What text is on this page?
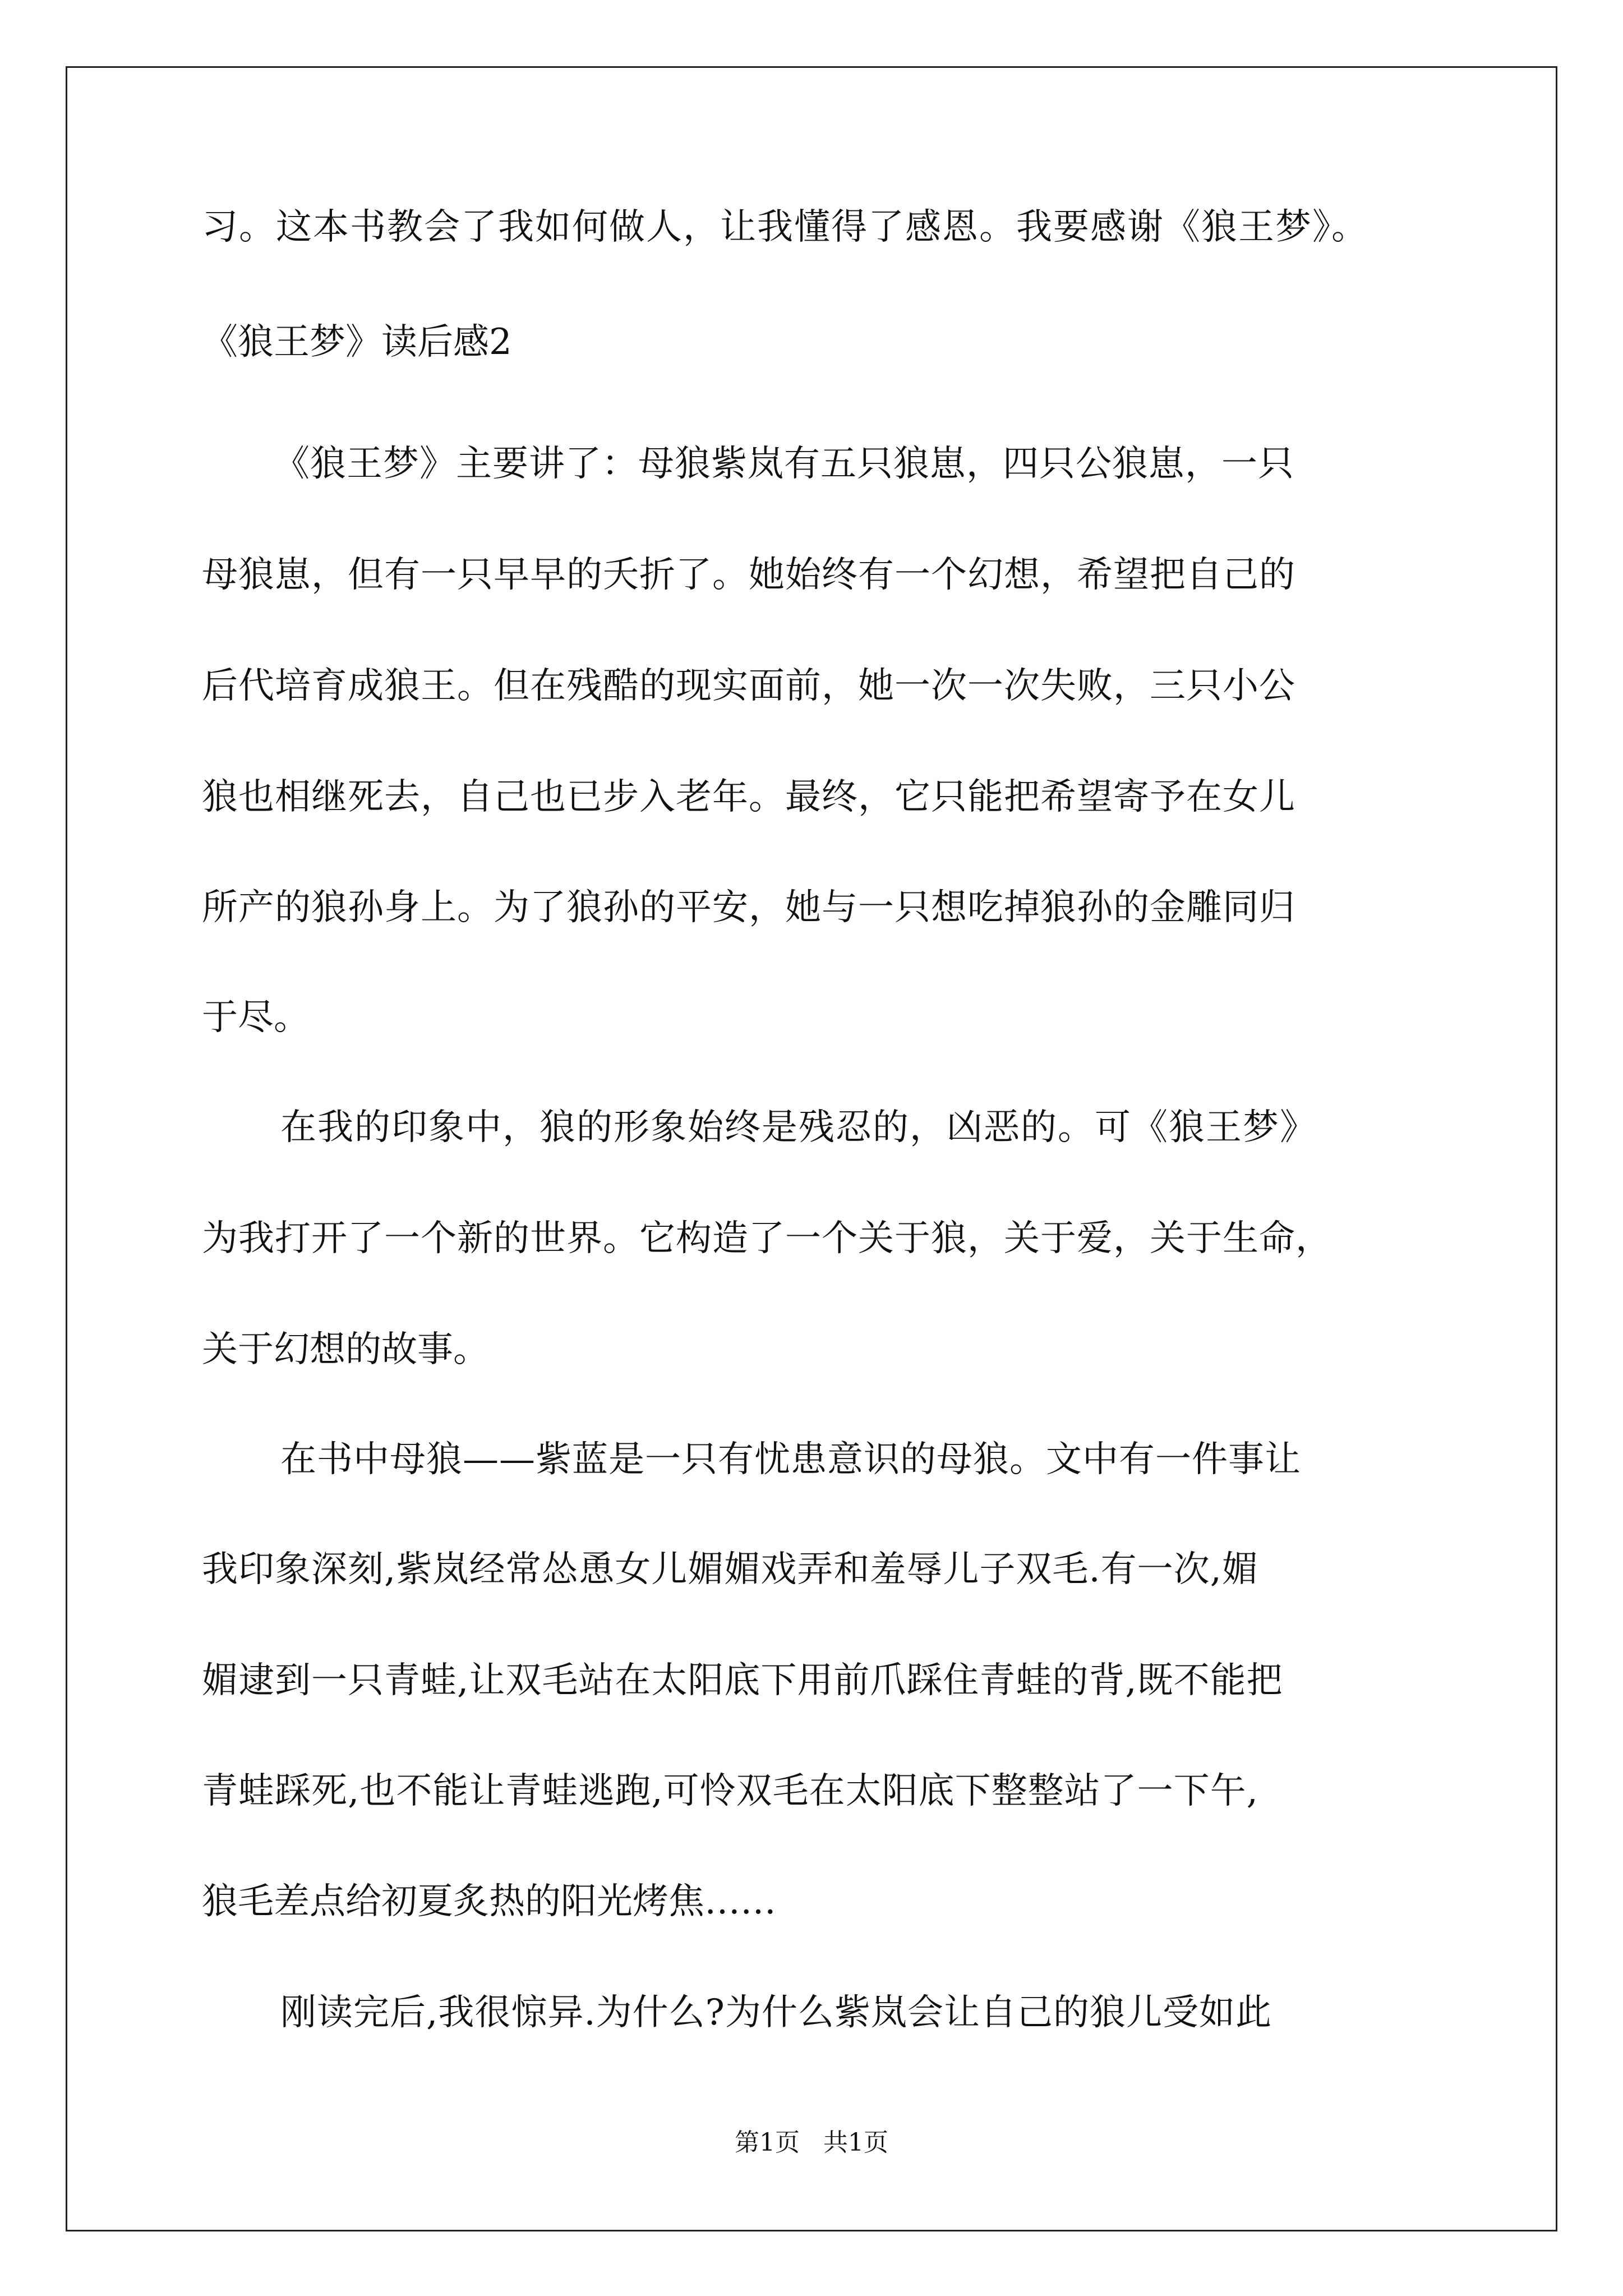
习。这本书教会了我如何做人，让我懂得了感恩。我要感谢《狼王梦》。

《狼王梦》读后感2

《狼王梦》主要讲了：母狼紫岚有五只狼崽，四只公狼崽，一只

母狼崽，但有一只早早的夭折了。她始终有一个幻想，希望把自己的

后代培育成狼王。但在残酷的现实面前，她一次一次失败，三只小公

狼也相继死去，自己也已步入老年。最终，它只能把希望寄予在女儿

所产的狼孙身上。为了狼孙的平安，她与一只想吃掉狼孙的金雕同归

于尽。

在我的印象中，狼的形象始终是残忍的，凶恶的。可《狼王梦》

为我打开了一个新的世界。它构造了一个关于狼，关于爱，关于生命，

关于幻想的故事。

在书中母狼——紫蓝是一只有忧患意识的母狼。文中有一件事让

我印象深刻,紫岚经常怂恿女儿媚媚戏弄和羞辱儿子双毛.有一次,媚

媚逮到一只青蛙,让双毛站在太阳底下用前爪踩住青蛙的背,既不能把

青蛙踩死,也不能让青蛙逃跑,可怜双毛在太阳底下整整站了一下午,

狼毛差点给初夏炙热的阳光烤焦……

刚读完后,我很惊异.为什么?为什么紫岚会让自己的狼儿受如此

第1页   共1页
